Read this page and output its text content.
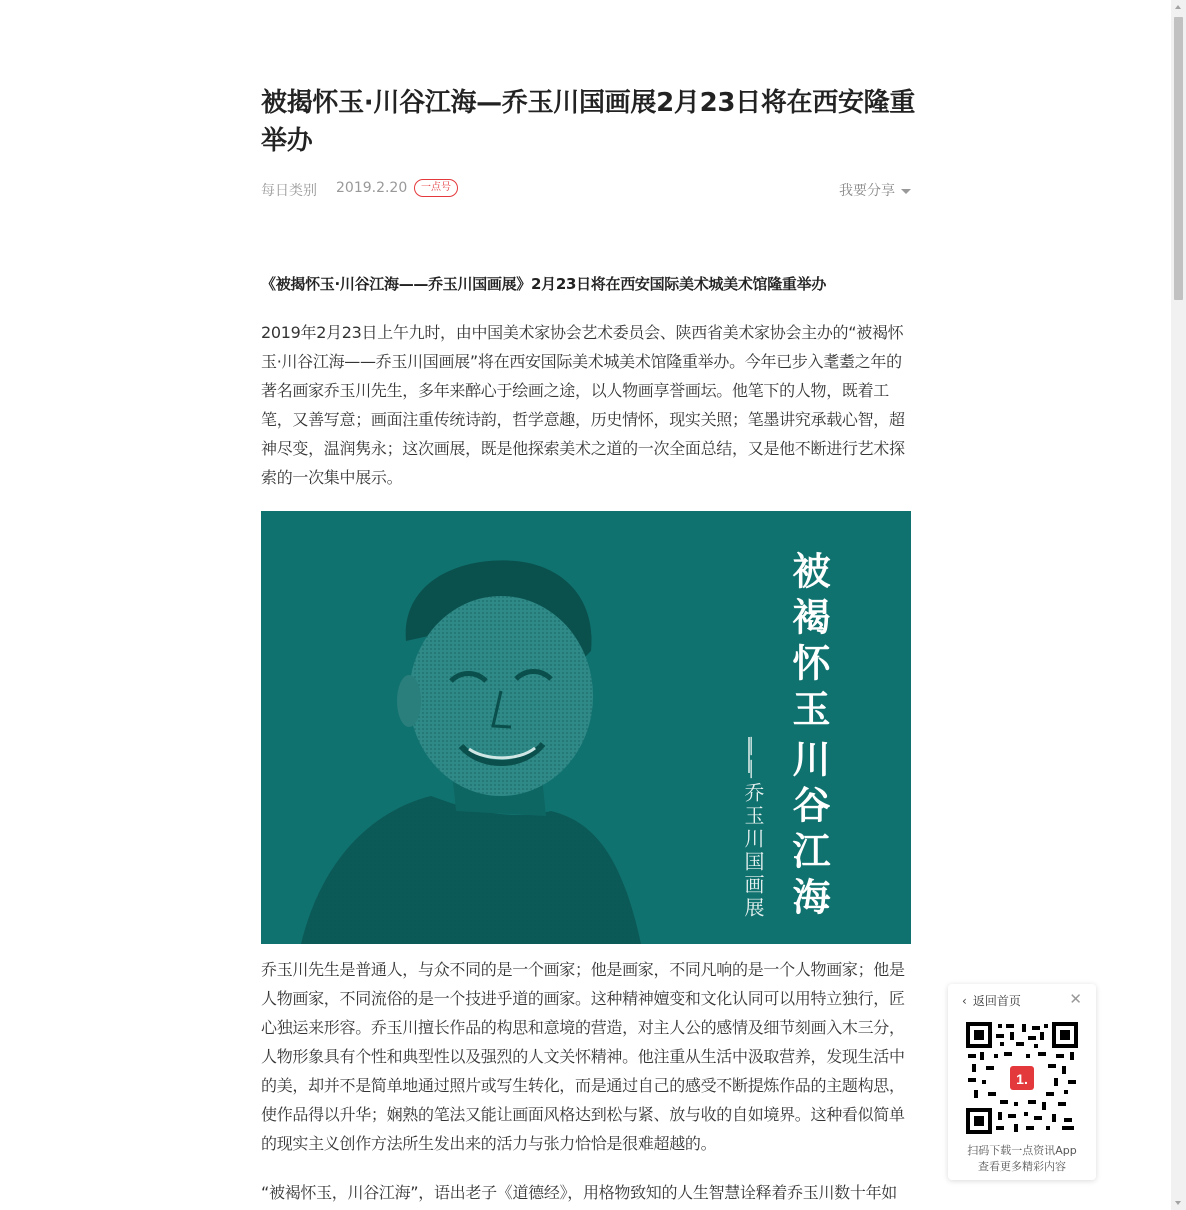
被揭怀玉·川谷江海—乔玉川国画展2月23日将在西安隆重举办
每日类别 2019.2.20	一点号	我要分享

《被揭怀玉·川谷江海——乔玉川国画展》2月23日将在西安国际美术城美术馆隆重举办

2019年2月23日上午九时，由中国美术家协会艺术委员会、陕西省美术家协会主办的“被褐怀玉·川谷江海——乔玉川国画展”将在西安国际美术城美术馆隆重举办。今年已步入耄耋之年的著名画家乔玉川先生，多年来醉心于绘画之途，以人物画享誉画坛。他笔下的人物，既着工笔，又善写意；画面注重传统诗韵，哲学意趣，历史情怀，现实关照；笔墨讲究承载心智，超神尽变，温润隽永；这次画展，既是他探索美术之道的一次全面总结，又是他不断进行艺术探索的一次集中展示。

被褐怀玉
川谷江海
——乔玉川国画展

乔玉川先生是普通人，与众不同的是一个画家；他是画家，不同凡响的是一个人物画家；他是人物画家，不同流俗的是一个技进乎道的画家。这种精神嬗变和文化认同可以用特立独行，匠心独运来形容。乔玉川擅长作品的构思和意境的营造，对主人公的感情及细节刻画入木三分，人物形象具有个性和典型性以及强烈的人文关怀精神。他注重从生活中汲取营养，发现生活中的美，却并不是简单地通过照片或写生转化，而是通过自己的感受不断提炼作品的主题构思，使作品得以升华；娴熟的笔法又能让画面风格达到松与紧、放与收的自如境界。这种看似简单的现实主义创作方法所生发出来的活力与张力恰恰是很难超越的。

“被褐怀玉，川谷江海”，语出老子《道德经》，用格物致知的人生智慧诠释着乔玉川数十年如

‹ 返回首页	✕
1.
扫码下载一点资讯App
查看更多精彩内容
